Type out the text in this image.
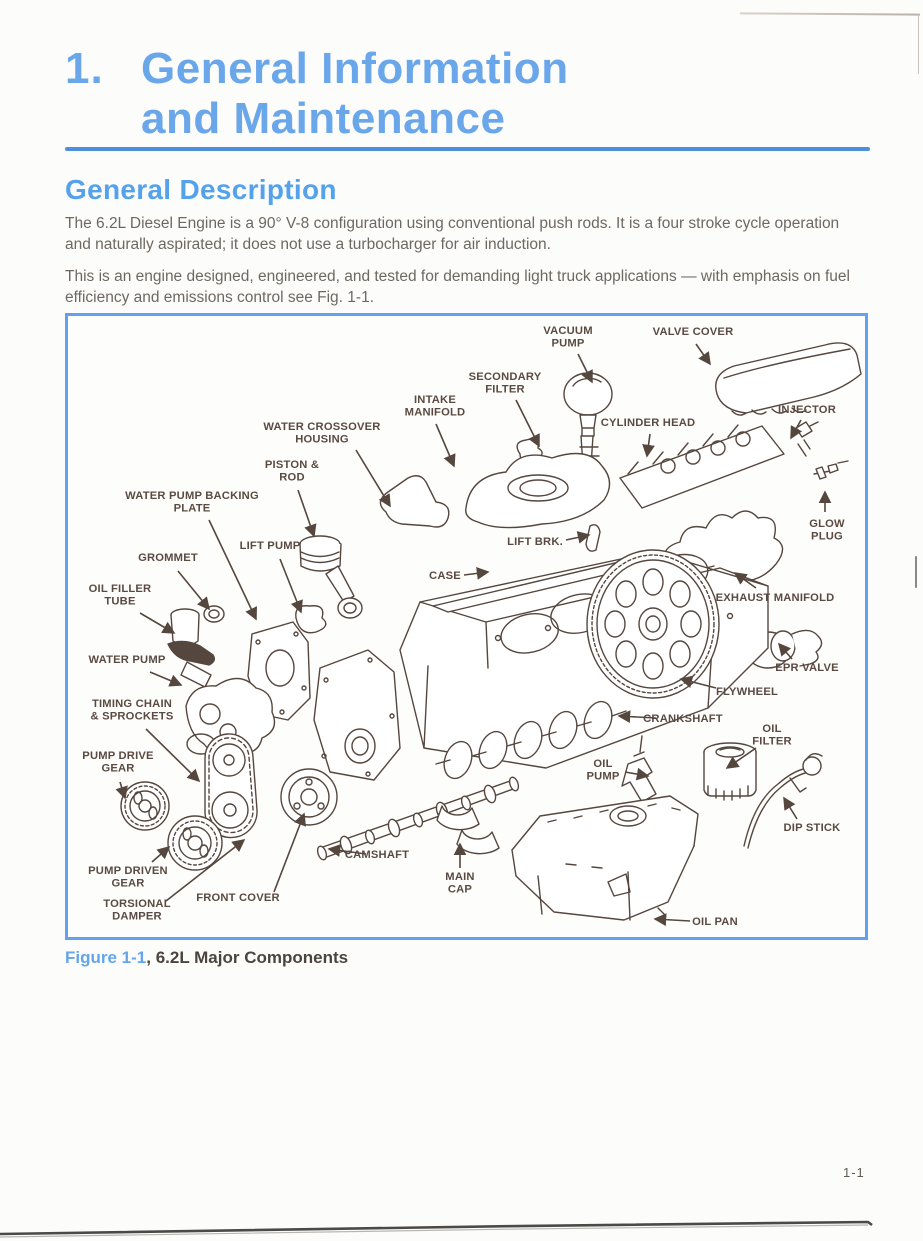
1. General Information
and Maintenance
General Description

The 6.2L Diesel Engine is a 90° V-8 configuration using conventional push rods. It is a four stroke cycle operation and naturally aspirated; it does not use a turbocharger for air induction.

This is an engine designed, engineered, and tested for demanding light truck applications — with emphasis on fuel efficiency and emissions control see Fig. 1-1.

VACUUM PUMP
VALVE COVER
SECONDARY FILTER
INTAKE MANIFOLD
WATER CROSSOVER HOUSING
CYLINDER HEAD
INJECTOR
PISTON & ROD
WATER PUMP BACKING PLATE
LIFT PUMP
GROMMET
OIL FILLER TUBE
CASE
LIFT BRK.
WATER PUMP
TIMING CHAIN & SPROCKETS
PUMP DRIVE GEAR
PUMP DRIVEN GEAR
TORSIONAL DAMPER
FRONT COVER
CAMSHAFT
MAIN CAP
OIL PAN
OIL PUMP
OIL FILTER
DIP STICK
CRANKSHAFT
FLYWHEEL
EPR VALVE
EXHAUST MANIFOLD
GLOW PLUG
Figure 1-1, 6.2L Major Components
1-1
